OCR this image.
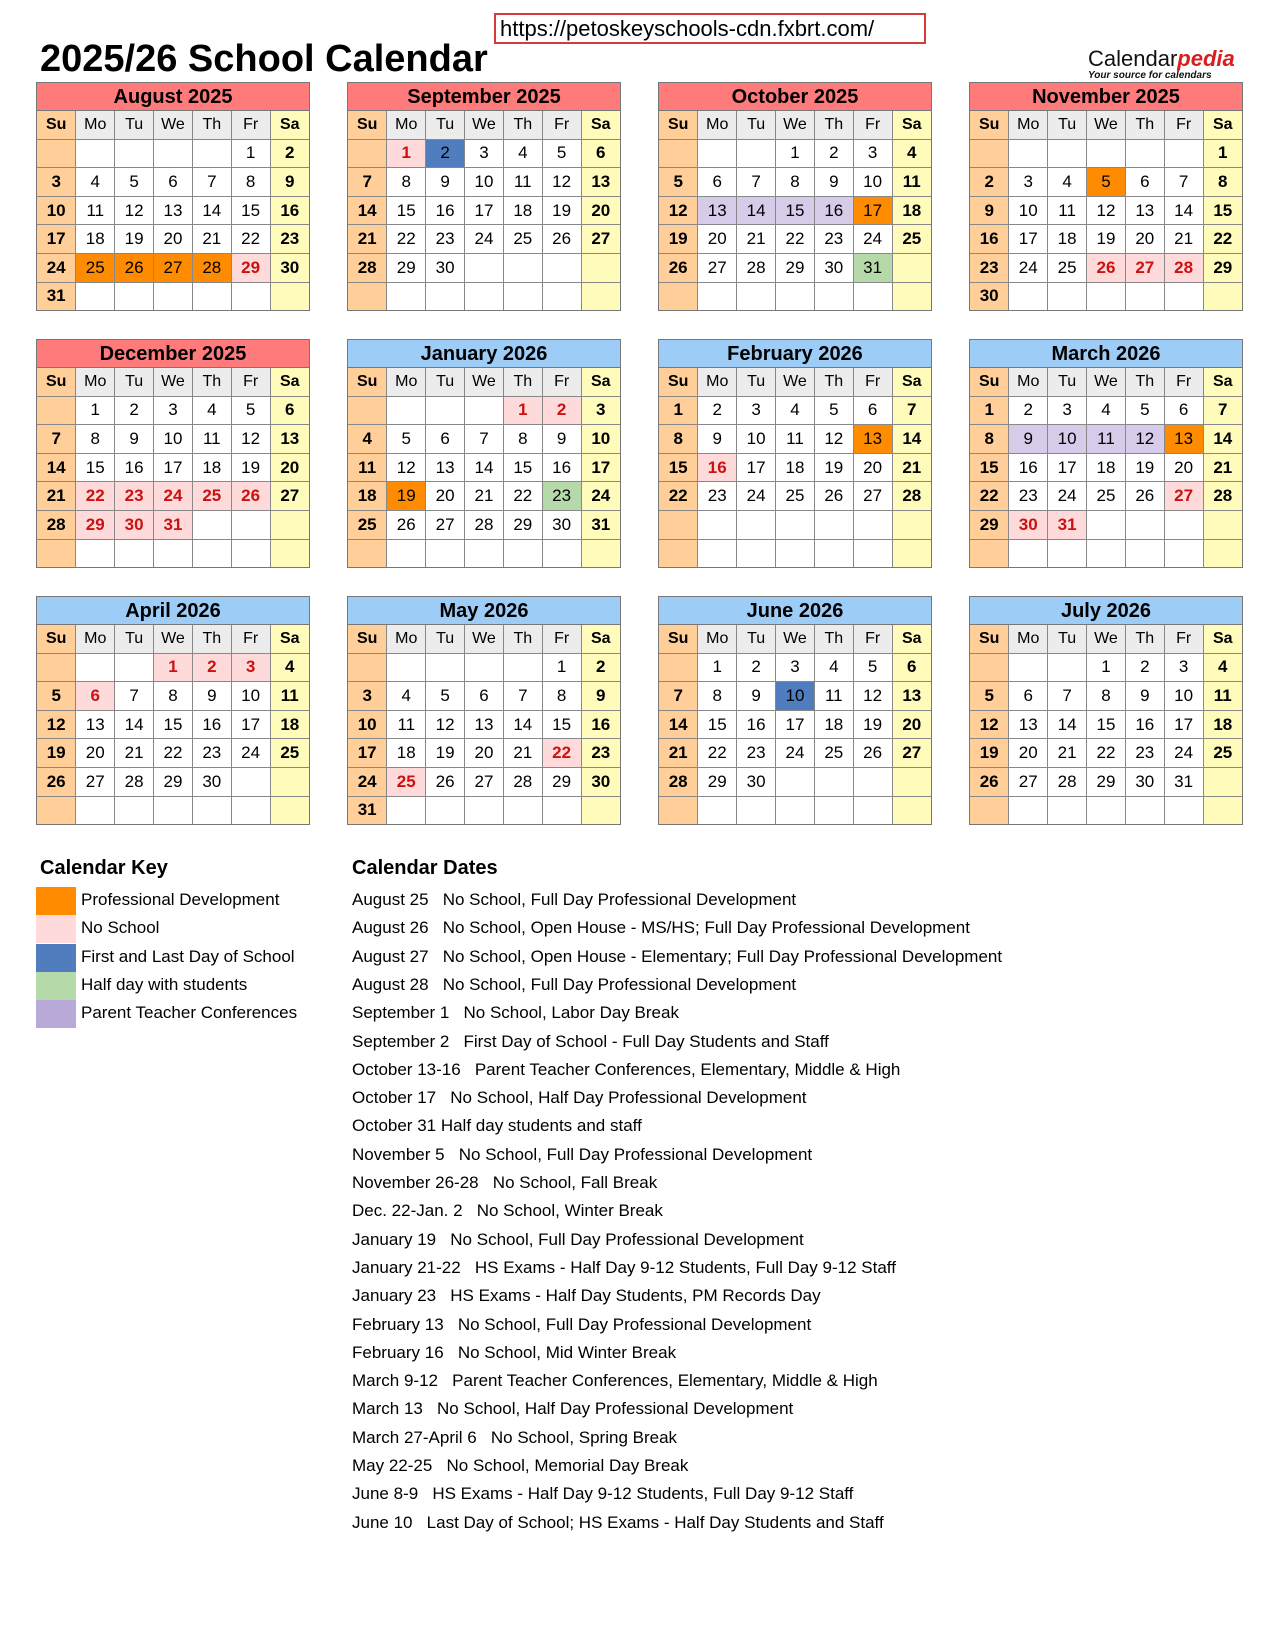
https://petoskeyschools-cdn.fxbrt.com/
2025/26 School Calendar	Calendarpedia
Your source for calendars
August 2025
Su	Mo	Tu	We	Th	Fr	Sa
					1	2
3	4	5	6	7	8	9
10	11	12	13	14	15	16
17	18	19	20	21	22	23
24	25	26	27	28	29	30
31						
September 2025
Su	Mo	Tu	We	Th	Fr	Sa
	1	2	3	4	5	6
7	8	9	10	11	12	13
14	15	16	17	18	19	20
21	22	23	24	25	26	27
28	29	30				

October 2025
Su	Mo	Tu	We	Th	Fr	Sa
			1	2	3	4
5	6	7	8	9	10	11
12	13	14	15	16	17	18
19	20	21	22	23	24	25
26	27	28	29	30	31	

November 2025
Su	Mo	Tu	We	Th	Fr	Sa
						1
2	3	4	5	6	7	8
9	10	11	12	13	14	15
16	17	18	19	20	21	22
23	24	25	26	27	28	29
30						
December 2025
Su	Mo	Tu	We	Th	Fr	Sa
	1	2	3	4	5	6
7	8	9	10	11	12	13
14	15	16	17	18	19	20
21	22	23	24	25	26	27
28	29	30	31			

January 2026
Su	Mo	Tu	We	Th	Fr	Sa
				1	2	3
4	5	6	7	8	9	10
11	12	13	14	15	16	17
18	19	20	21	22	23	24
25	26	27	28	29	30	31

February 2026
Su	Mo	Tu	We	Th	Fr	Sa
1	2	3	4	5	6	7
8	9	10	11	12	13	14
15	16	17	18	19	20	21
22	23	24	25	26	27	28

March 2026
Su	Mo	Tu	We	Th	Fr	Sa
1	2	3	4	5	6	7
8	9	10	11	12	13	14
15	16	17	18	19	20	21
22	23	24	25	26	27	28
29	30	31				

April 2026
Su	Mo	Tu	We	Th	Fr	Sa
			1	2	3	4
5	6	7	8	9	10	11
12	13	14	15	16	17	18
19	20	21	22	23	24	25
26	27	28	29	30		

May 2026
Su	Mo	Tu	We	Th	Fr	Sa
					1	2
3	4	5	6	7	8	9
10	11	12	13	14	15	16
17	18	19	20	21	22	23
24	25	26	27	28	29	30
31						
June 2026
Su	Mo	Tu	We	Th	Fr	Sa
	1	2	3	4	5	6
7	8	9	10	11	12	13
14	15	16	17	18	19	20
21	22	23	24	25	26	27
28	29	30				

July 2026
Su	Mo	Tu	We	Th	Fr	Sa
			1	2	3	4
5	6	7	8	9	10	11
12	13	14	15	16	17	18
19	20	21	22	23	24	25
26	27	28	29	30	31	

Calendar Key
Professional Development
No School
First and Last Day of School
Half day with students
Parent Teacher Conferences
Calendar Dates
August 25   No School, Full Day Professional Development
August 26   No School, Open House - MS/HS; Full Day Professional Development
August 27   No School, Open House - Elementary; Full Day Professional Development
August 28   No School, Full Day Professional Development
September 1   No School, Labor Day Break
September 2   First Day of School - Full Day Students and Staff
October 13-16   Parent Teacher Conferences, Elementary, Middle & High
October 17   No School, Half Day Professional Development
October 31 Half day students and staff
November 5   No School, Full Day Professional Development
November 26-28   No School, Fall Break
Dec. 22-Jan. 2   No School, Winter Break
January 19   No School, Full Day Professional Development
January 21-22   HS Exams - Half Day 9-12 Students, Full Day 9-12 Staff
January 23   HS Exams - Half Day Students, PM Records Day
February 13   No School, Full Day Professional Development
February 16   No School, Mid Winter Break
March 9-12   Parent Teacher Conferences, Elementary, Middle & High
March 13   No School, Half Day Professional Development
March 27-April 6   No School, Spring Break
May 22-25   No School, Memorial Day Break
June 8-9   HS Exams - Half Day 9-12 Students, Full Day 9-12 Staff
June 10   Last Day of School; HS Exams - Half Day Students and Staff
